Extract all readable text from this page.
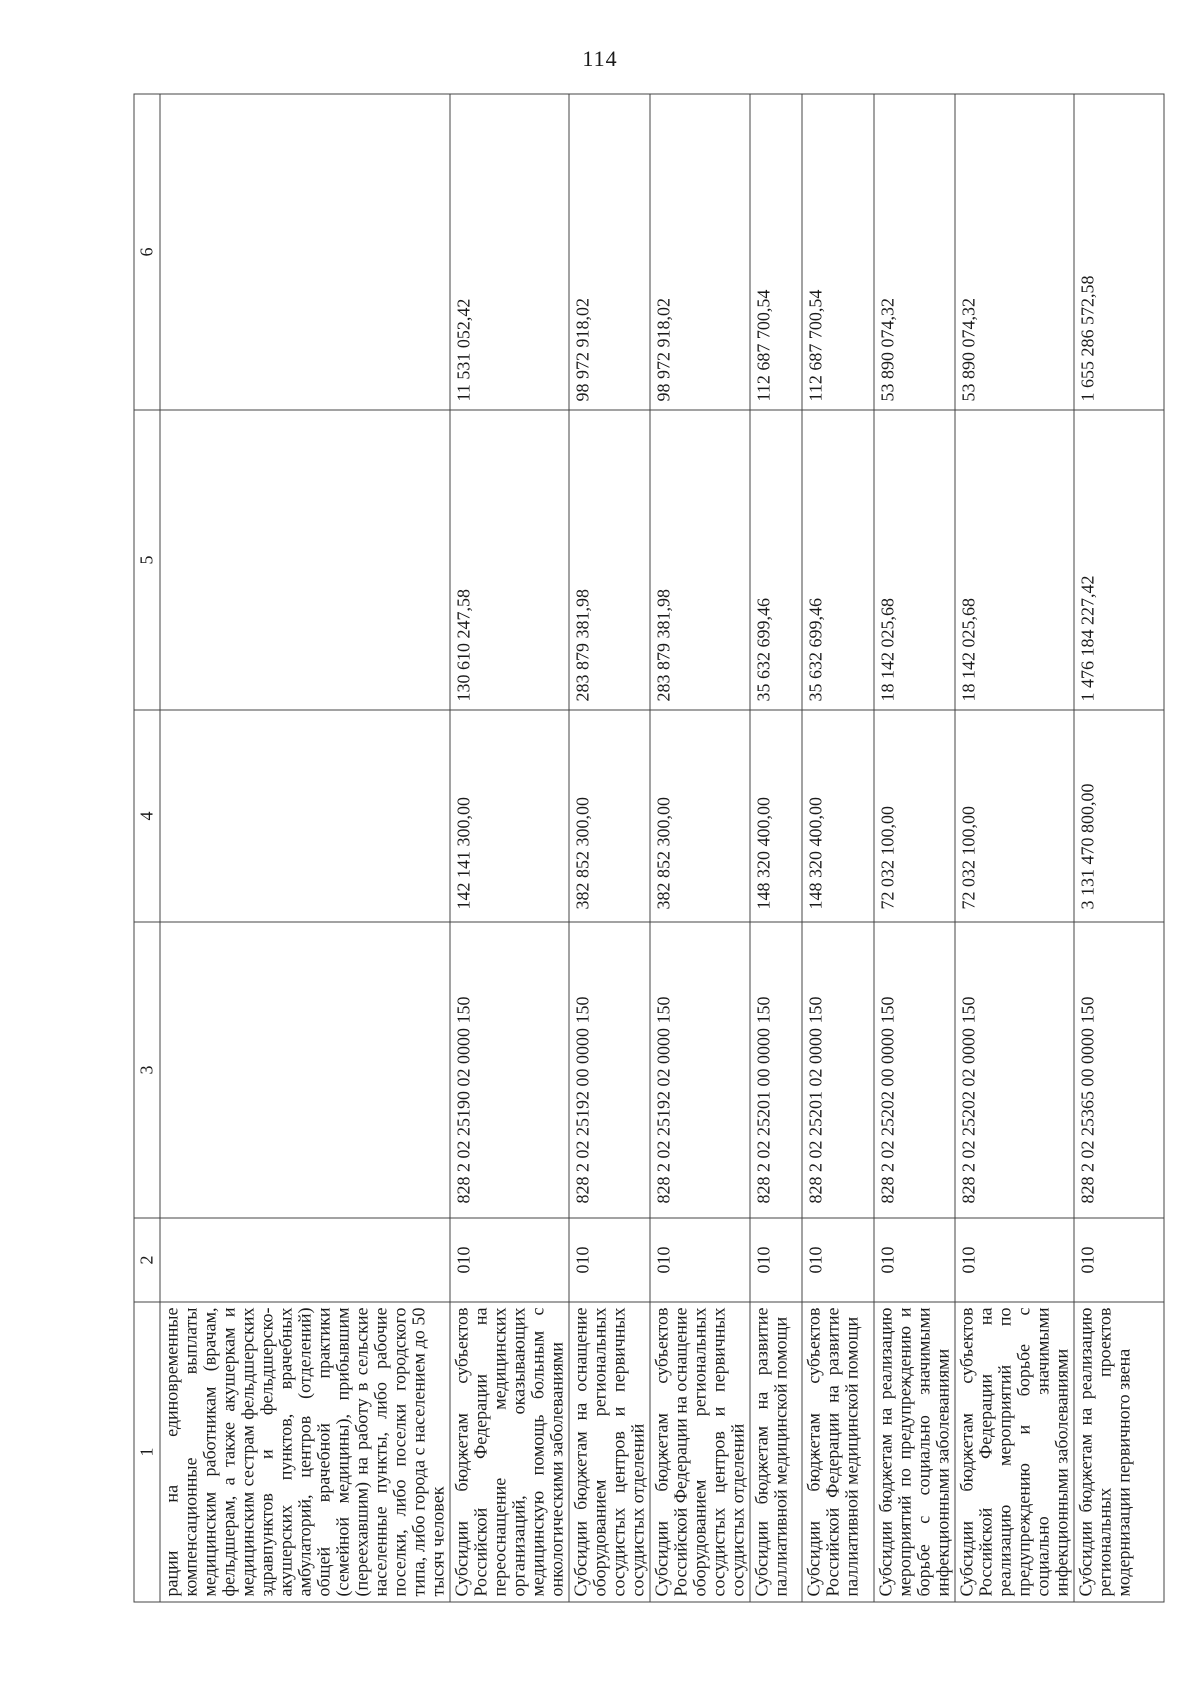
114
1	2	3	4	5	6
рации на единовременные компенсационные выплаты медицинским работникам (врачам, фельдшерам, а также акушеркам и медицинским сестрам фельдшерских здравпунктов и фельдшерско-акушерских пунктов, врачебных амбулаторий, центров (отделений) общей врачебной практики (семейной медицины), прибывшим (переехавшим) на работу в сельские населенные пункты, либо рабочие поселки, либо поселки городского типа, либо города с населением до 50 тысяч человек					
Субсидии бюджетам субъектов Российской Федерации на переоснащение медицинских организаций, оказывающих медицинскую помощь больным с онкологическими заболеваниями	010	828 2 02 25190 02 0000 150	142 141 300,00	130 610 247,58	11 531 052,42
Субсидии бюджетам на оснащение оборудованием региональных сосудистых центров и первичных сосудистых отделений	010	828 2 02 25192 00 0000 150	382 852 300,00	283 879 381,98	98 972 918,02
Субсидии бюджетам субъектов Российской Федерации на оснащение оборудованием региональных сосудистых центров и первичных сосудистых отделений	010	828 2 02 25192 02 0000 150	382 852 300,00	283 879 381,98	98 972 918,02
Субсидии бюджетам на развитие паллиативной медицинской помощи	010	828 2 02 25201 00 0000 150	148 320 400,00	35 632 699,46	112 687 700,54
Субсидии бюджетам субъектов Российской Федерации на развитие паллиативной медицинской помощи	010	828 2 02 25201 02 0000 150	148 320 400,00	35 632 699,46	112 687 700,54
Субсидии бюджетам на реализацию мероприятий по предупреждению и борьбе с социально значимыми инфекционными заболеваниями	010	828 2 02 25202 00 0000 150	72 032 100,00	18 142 025,68	53 890 074,32
Субсидии бюджетам субъектов Российской Федерации на реализацию мероприятий по предупреждению и борьбе с социально значимыми инфекционными заболеваниями	010	828 2 02 25202 02 0000 150	72 032 100,00	18 142 025,68	53 890 074,32
Субсидии бюджетам на реализацию региональных проектов модернизации первичного звена	010	828 2 02 25365 00 0000 150	3 131 470 800,00	1 476 184 227,42	1 655 286 572,58
